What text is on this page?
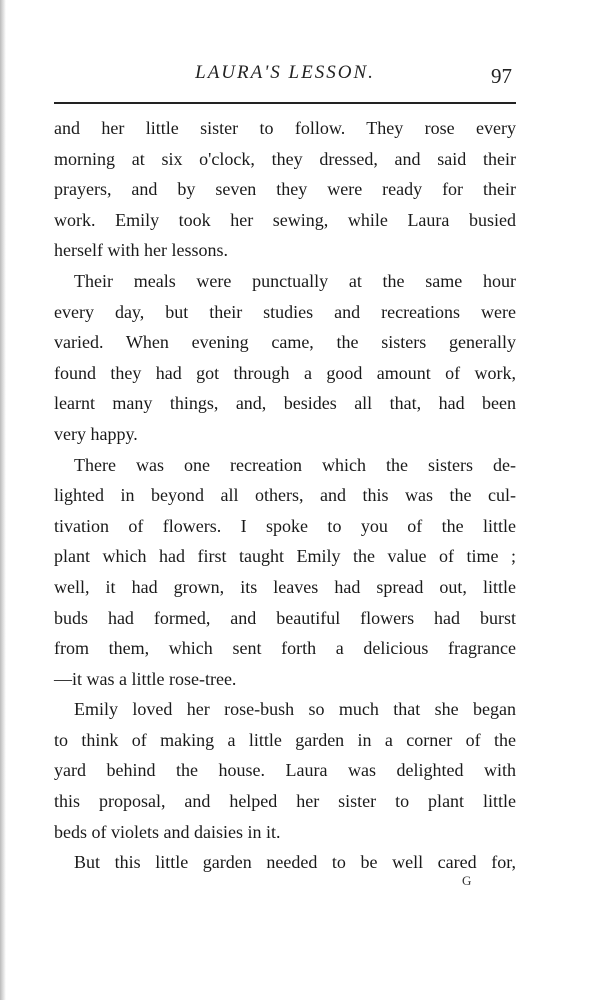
LAURA'S LESSON.	97
and her little sister to follow. They rose every
morning at six o'clock, they dressed, and said their
prayers, and by seven they were ready for their
work. Emily took her sewing, while Laura busied
herself with her lessons.
Their meals were punctually at the same hour
every day, but their studies and recreations were
varied. When evening came, the sisters generally
found they had got through a good amount of work,
learnt many things, and, besides all that, had been
very happy.
There was one recreation which the sisters de-
lighted in beyond all others, and this was the cul-
tivation of flowers. I spoke to you of the little
plant which had first taught Emily the value of time ;
well, it had grown, its leaves had spread out, little
buds had formed, and beautiful flowers had burst
from them, which sent forth a delicious fragrance
—it was a little rose-tree.
Emily loved her rose-bush so much that she began
to think of making a little garden in a corner of the
yard behind the house. Laura was delighted with
this proposal, and helped her sister to plant little
beds of violets and daisies in it.
But this little garden needed to be well cared for,
G
